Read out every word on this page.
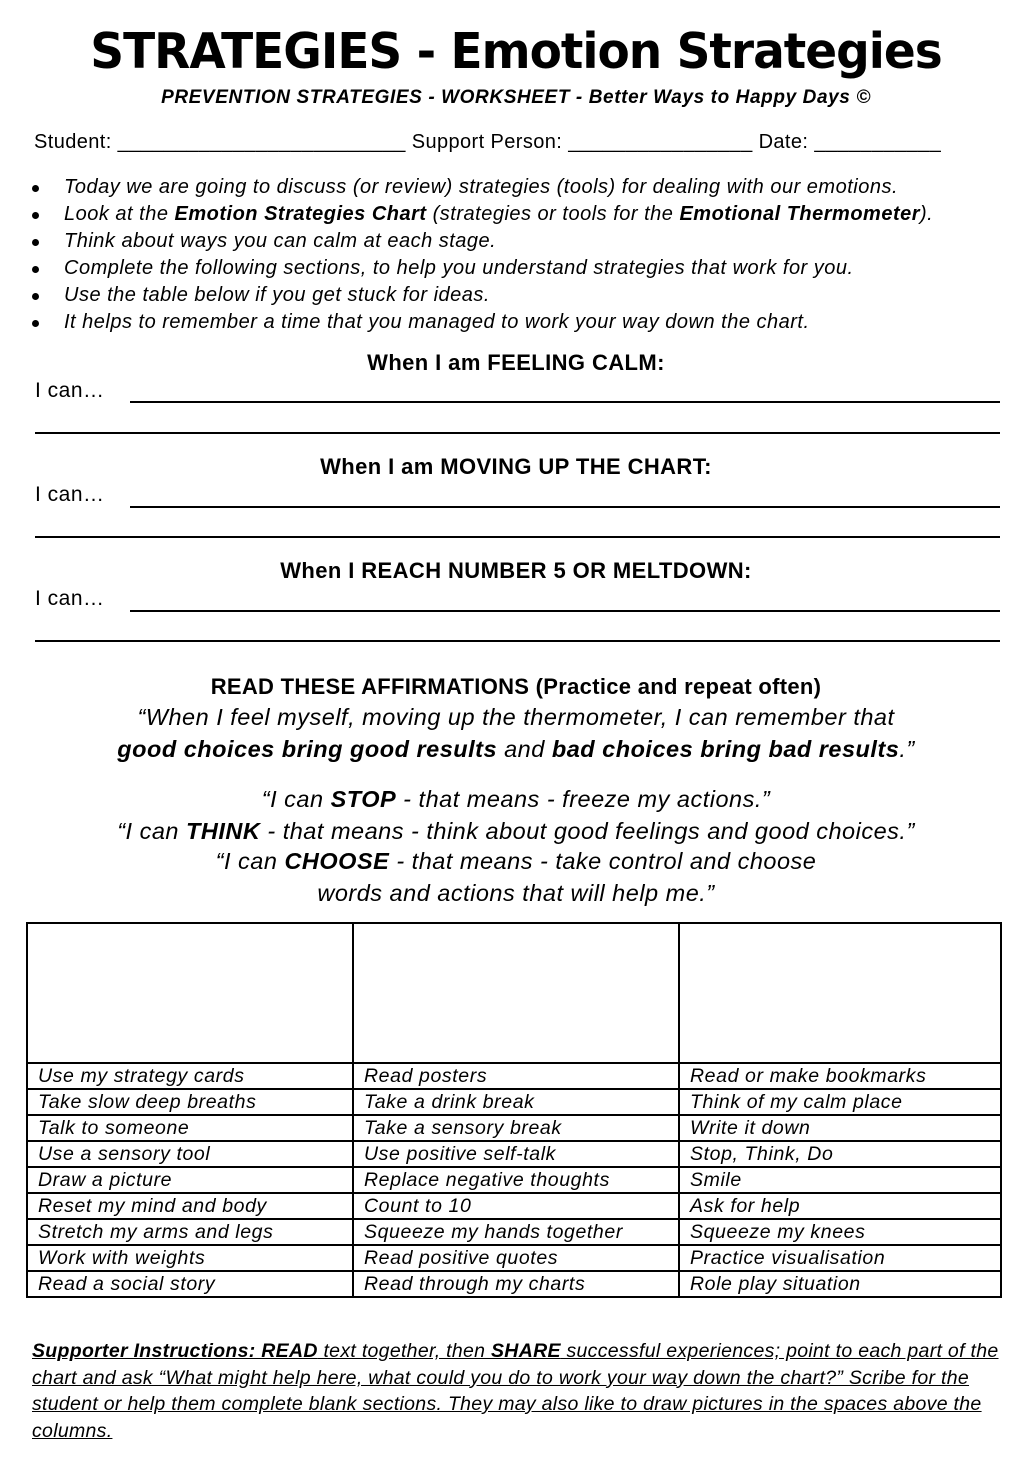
STRATEGIES - Emotion Strategies
PREVENTION STRATEGIES - WORKSHEET - Better Ways to Happy Days ©
Student: _________________________ Support Person: ________________ Date: ___________
Today we are going to discuss (or review) strategies (tools) for dealing with our emotions.
Look at the Emotion Strategies Chart (strategies or tools for the Emotional Thermometer).
Think about ways you can calm at each stage.
Complete the following sections, to help you understand strategies that work for you.
Use the table below if you get stuck for ideas.
It helps to remember a time that you managed to work your way down the chart.
When I am FEELING CALM:
I can…
When I am MOVING UP THE CHART:
I can…
When I REACH NUMBER 5 OR MELTDOWN:
I can…
READ THESE AFFIRMATIONS (Practice and repeat often)
“When I feel myself, moving up the thermometer, I can remember that
good choices bring good results and bad choices bring bad results.”
“I can STOP - that means - freeze my actions.”
“I can THINK - that means - think about good feelings and good choices.”
“I can CHOOSE - that means - take control and choose
words and actions that will help me.”

Use my strategy cards	Read posters	Read or make bookmarks
Take slow deep breaths	Take a drink break	Think of my calm place
Talk to someone	Take a sensory break	Write it down
Use a sensory tool	Use positive self-talk	Stop, Think, Do
Draw a picture	Replace negative thoughts	Smile
Reset my mind and body	Count to 10	Ask for help
Stretch my arms and legs	Squeeze my hands together	Squeeze my knees
Work with weights	Read positive quotes	Practice visualisation
Read a social story	Read through my charts	Role play situation
Supporter Instructions: READ text together, then SHARE successful experiences; point to each part of the chart and ask “What might help here, what could you do to work your way down the chart?” Scribe for the student or help them complete blank sections. They may also like to draw pictures in the spaces above the columns.
